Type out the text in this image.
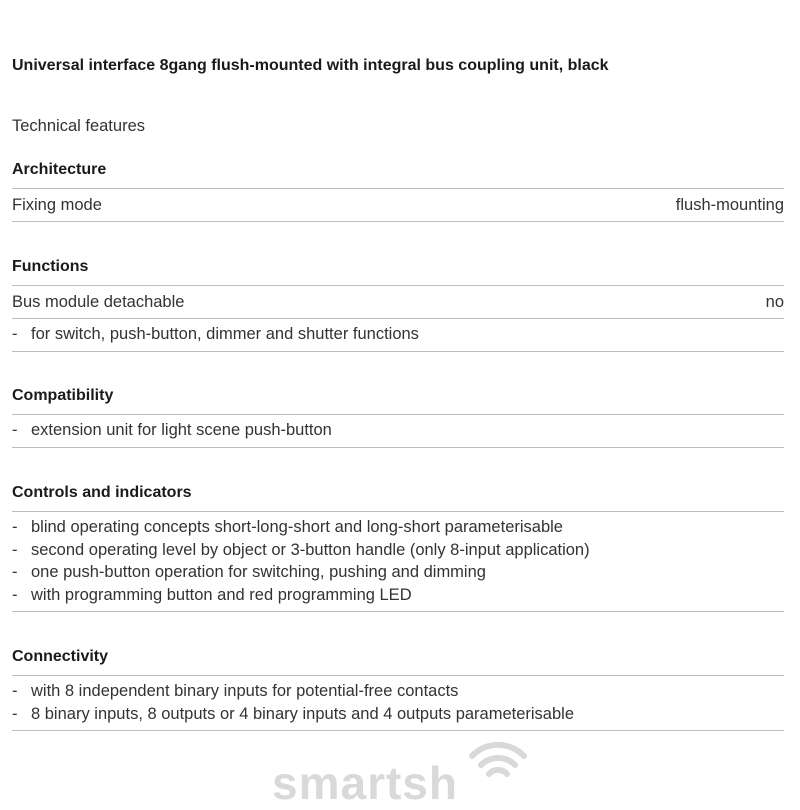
Universal interface 8gang flush-mounted with integral bus coupling unit, black
Technical features
Architecture
Fixing mode	flush-mounting
Functions
Bus module detachable	no
- for switch, push-button, dimmer and shutter functions
Compatibility
- extension unit for light scene push-button
Controls and indicators
- blind operating concepts short-long-short and long-short parameterisable
- second operating level by object or 3-button handle (only 8-input application)
- one push-button operation for switching, pushing and dimming
- with programming button and red programming LED
Connectivity
- with 8 independent binary inputs for potential-free contacts
- 8 binary inputs, 8 outputs or 4 binary inputs and 4 outputs parameterisable
smartsh
